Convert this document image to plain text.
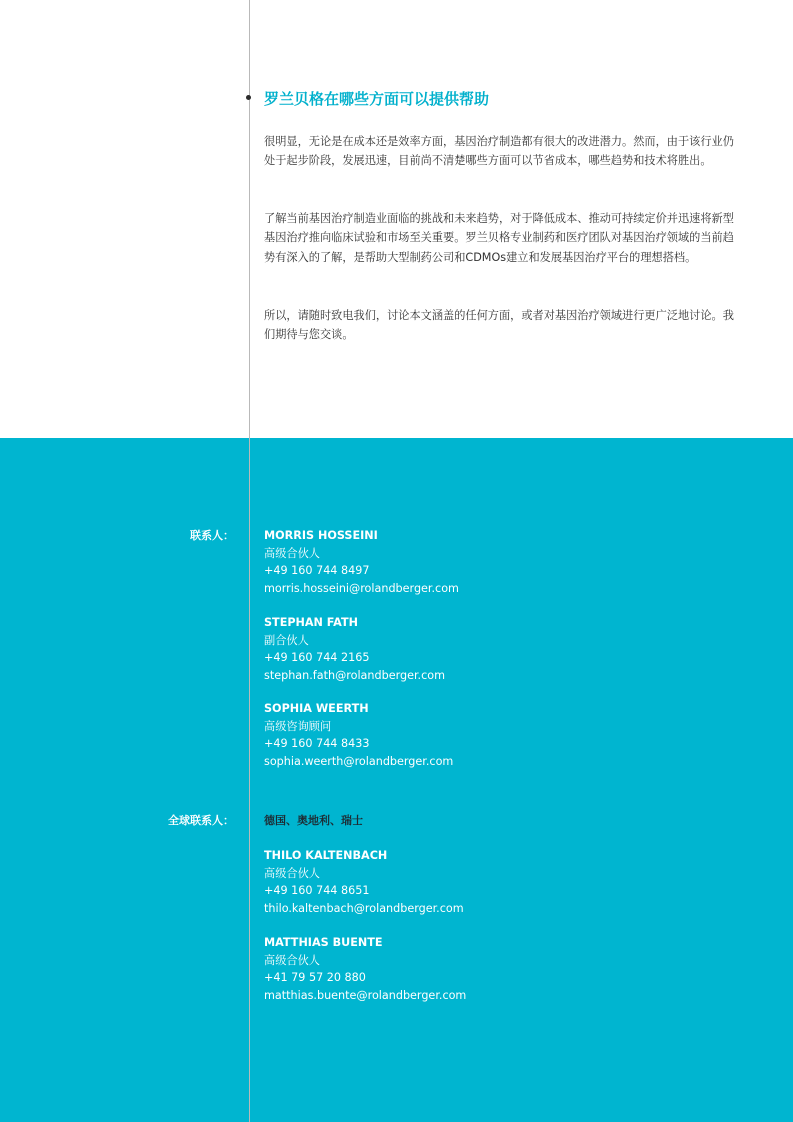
罗兰贝格在哪些方面可以提供帮助

很明显，无论是在成本还是效率方面，基因治疗制造都有很大的改进潜力。然而，由于该行业仍处于起步阶段，发展迅速，目前尚不清楚哪些方面可以节省成本，哪些趋势和技术将胜出。

了解当前基因治疗制造业面临的挑战和未来趋势，对于降低成本、推动可持续定价并迅速将新型基因治疗推向临床试验和市场至关重要。罗兰贝格专业制药和医疗团队对基因治疗领域的当前趋势有深入的了解，是帮助大型制药公司和CDMOs建立和发展基因治疗平台的理想搭档。

所以，请随时致电我们，讨论本文涵盖的任何方面，或者对基因治疗领域进行更广泛地讨论。我们期待与您交谈。

联系人：	MORRIS HOSSEINI
高级合伙人
+49 160 744 8497
morris.hosseini@rolandberger.com
STEPHAN FATH
副合伙人
+49 160 744 2165
stephan.fath@rolandberger.com
SOPHIA WEERTH
高级咨询顾问
+49 160 744 8433
sophia.weerth@rolandberger.com
全球联系人：	德国、奥地利、瑞士
THILO KALTENBACH
高级合伙人
+49 160 744 8651
thilo.kaltenbach@rolandberger.com
MATTHIAS BUENTE
高级合伙人
+41 79 57 20 880
matthias.buente@rolandberger.com
